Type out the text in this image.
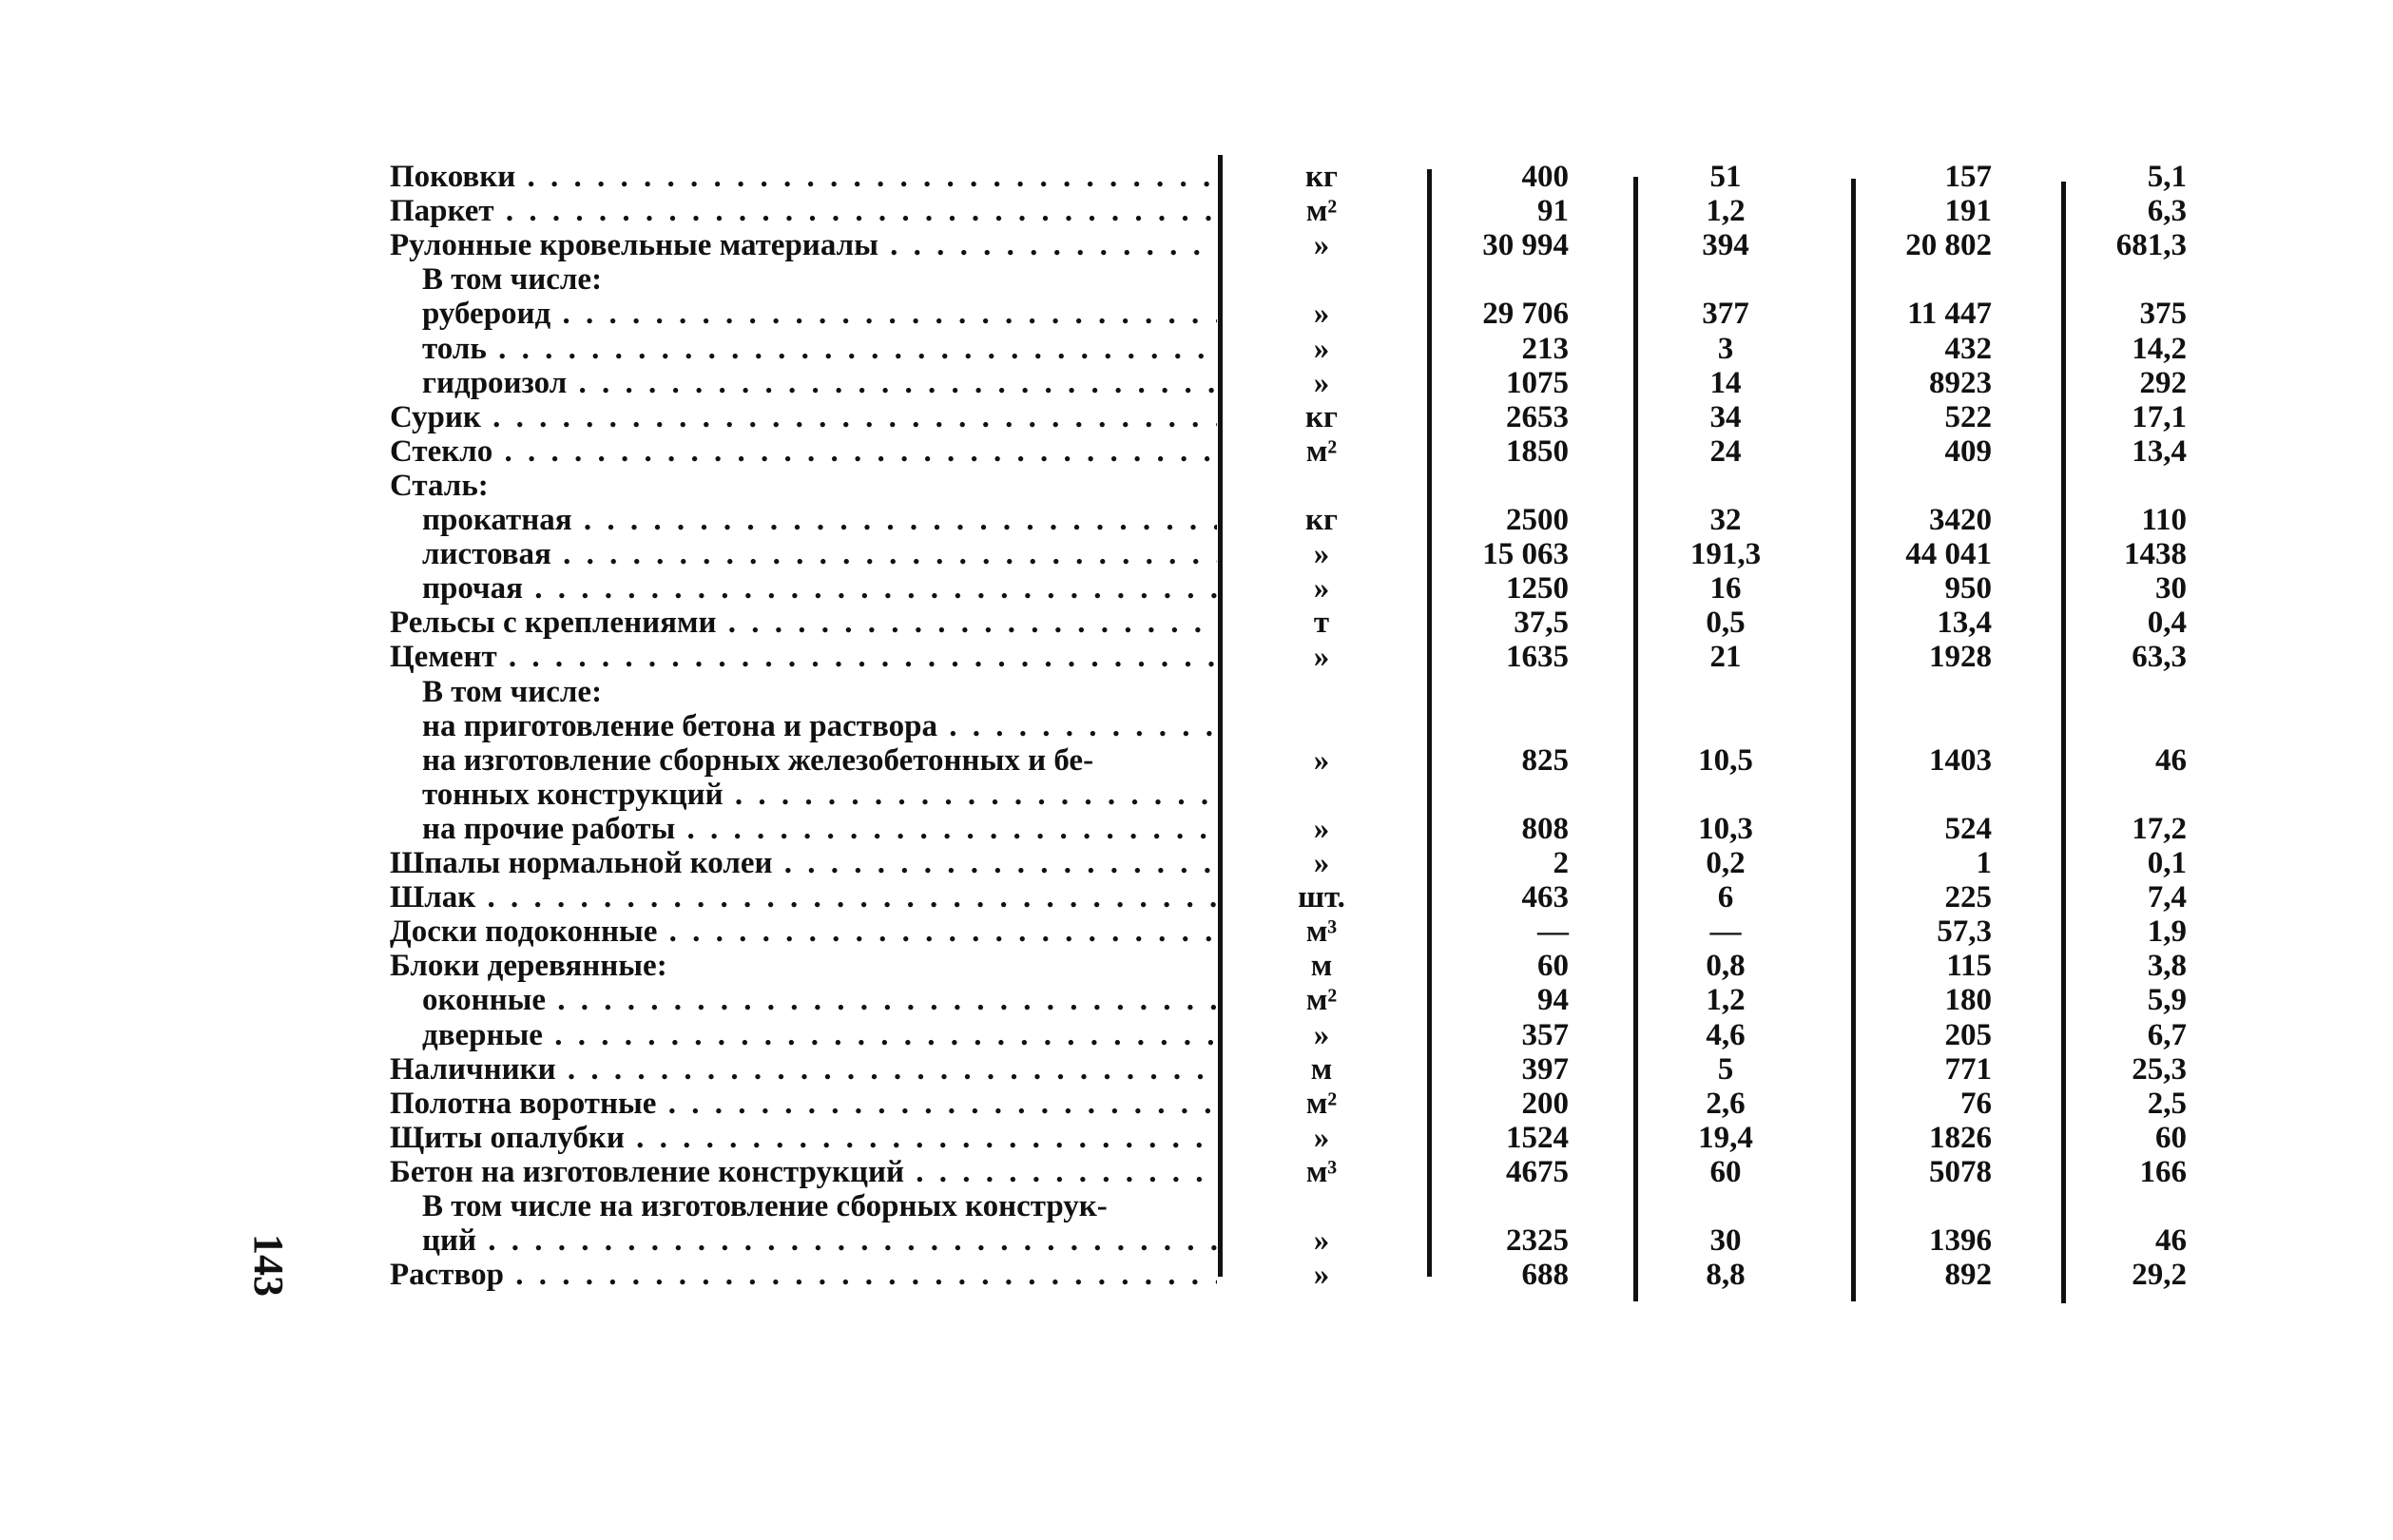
143
Поковки . . .	кг	400	51	157	5,1
Паркет . . .	м²	91	1,2	191	6,3
Рулонные кровельные материалы . . .	»	30 994	394	20 802	681,3
В том числе:
рубероид . . .	»	29 706	377	11 447	375
толь . . .	»	213	3	432	14,2
гидроизол . . .	»	1075	14	8923	292
Сурик . . .	кг	2653	34	522	17,1
Стекло . . .	м²	1850	24	409	13,4
Сталь:
прокатная . . .	кг	2500	32	3420	110
листовая . . .	»	15 063	191,3	44 041	1438
прочая . . .	»	1250	16	950	30
Рельсы с креплениями . . .	т	37,5	0,5	13,4	0,4
Цемент . . .	»	1635	21	1928	63,3
В том числе:
на приготовление бетона и раствора . . .
на изготовление сборных железобетонных и бе-	»	825	10,5	1403	46
тонных конструкций . . .
на прочие работы . . .	»	808	10,3	524	17,2
Шпалы нормальной колеи . . .	»	2	0,2	1	0,1
Шлак . . .	шт.	463	6	225	7,4
Доски подоконные . . .	м³	—	—	57,3	1,9
Блоки деревянные:	м	60	0,8	115	3,8
оконные . . .	м²	94	1,2	180	5,9
дверные . . .	»	357	4,6	205	6,7
Наличники . . .	м	397	5	771	25,3
Полотна воротные . . .	м²	200	2,6	76	2,5
Щиты опалубки . . .	»	1524	19,4	1826	60
Бетон на изготовление конструкций . . .	м³	4675	60	5078	166
В том числе на изготовление сборных конструк-
ций . . .	»	2325	30	1396	46
Раствор . . .	»	688	8,8	892	29,2
